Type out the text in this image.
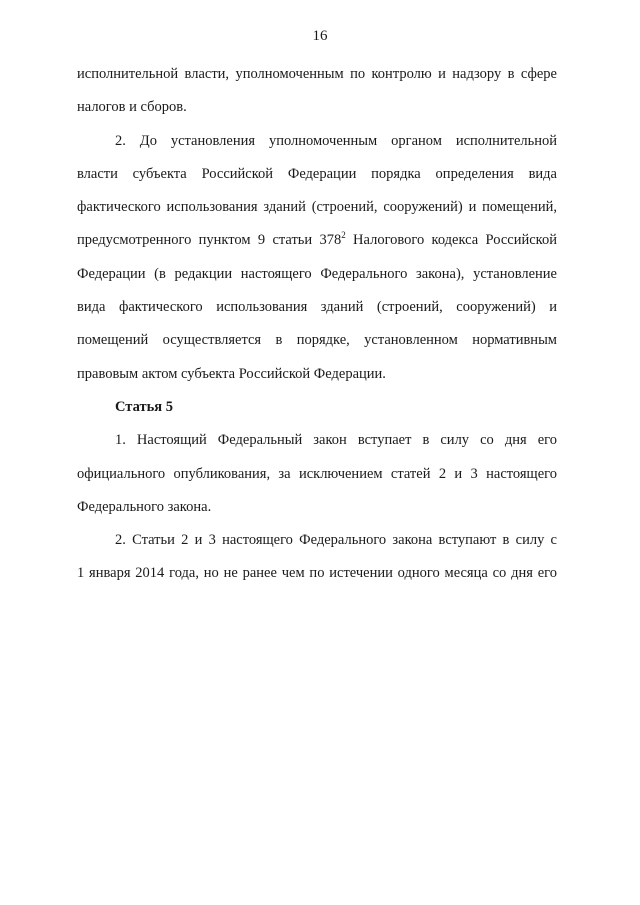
16
исполнительной власти, уполномоченным по контролю и надзору в сфере
налогов и сборов.
2. До установления уполномоченным органом исполнительной
власти субъекта Российской Федерации порядка определения вида
фактического использования зданий (строений, сооружений) и помещений,
предусмотренного пунктом 9 статьи $378^2$ Налогового кодекса Российской
Федерации (в редакции настоящего Федерального закона), установление
вида фактического использования зданий (строений, сооружений) и
помещений осуществляется в порядке, установленном нормативным
правовым актом субъекта Российской Федерации.
Статья 5
1. Настоящий Федеральный закон вступает в силу со дня его
официального опубликования, за исключением статей 2 и 3 настоящего
Федерального закона.
2. Статьи 2 и 3 настоящего Федерального закона вступают в силу с
1 января 2014 года, но не ранее чем по истечении одного месяца со дня его
